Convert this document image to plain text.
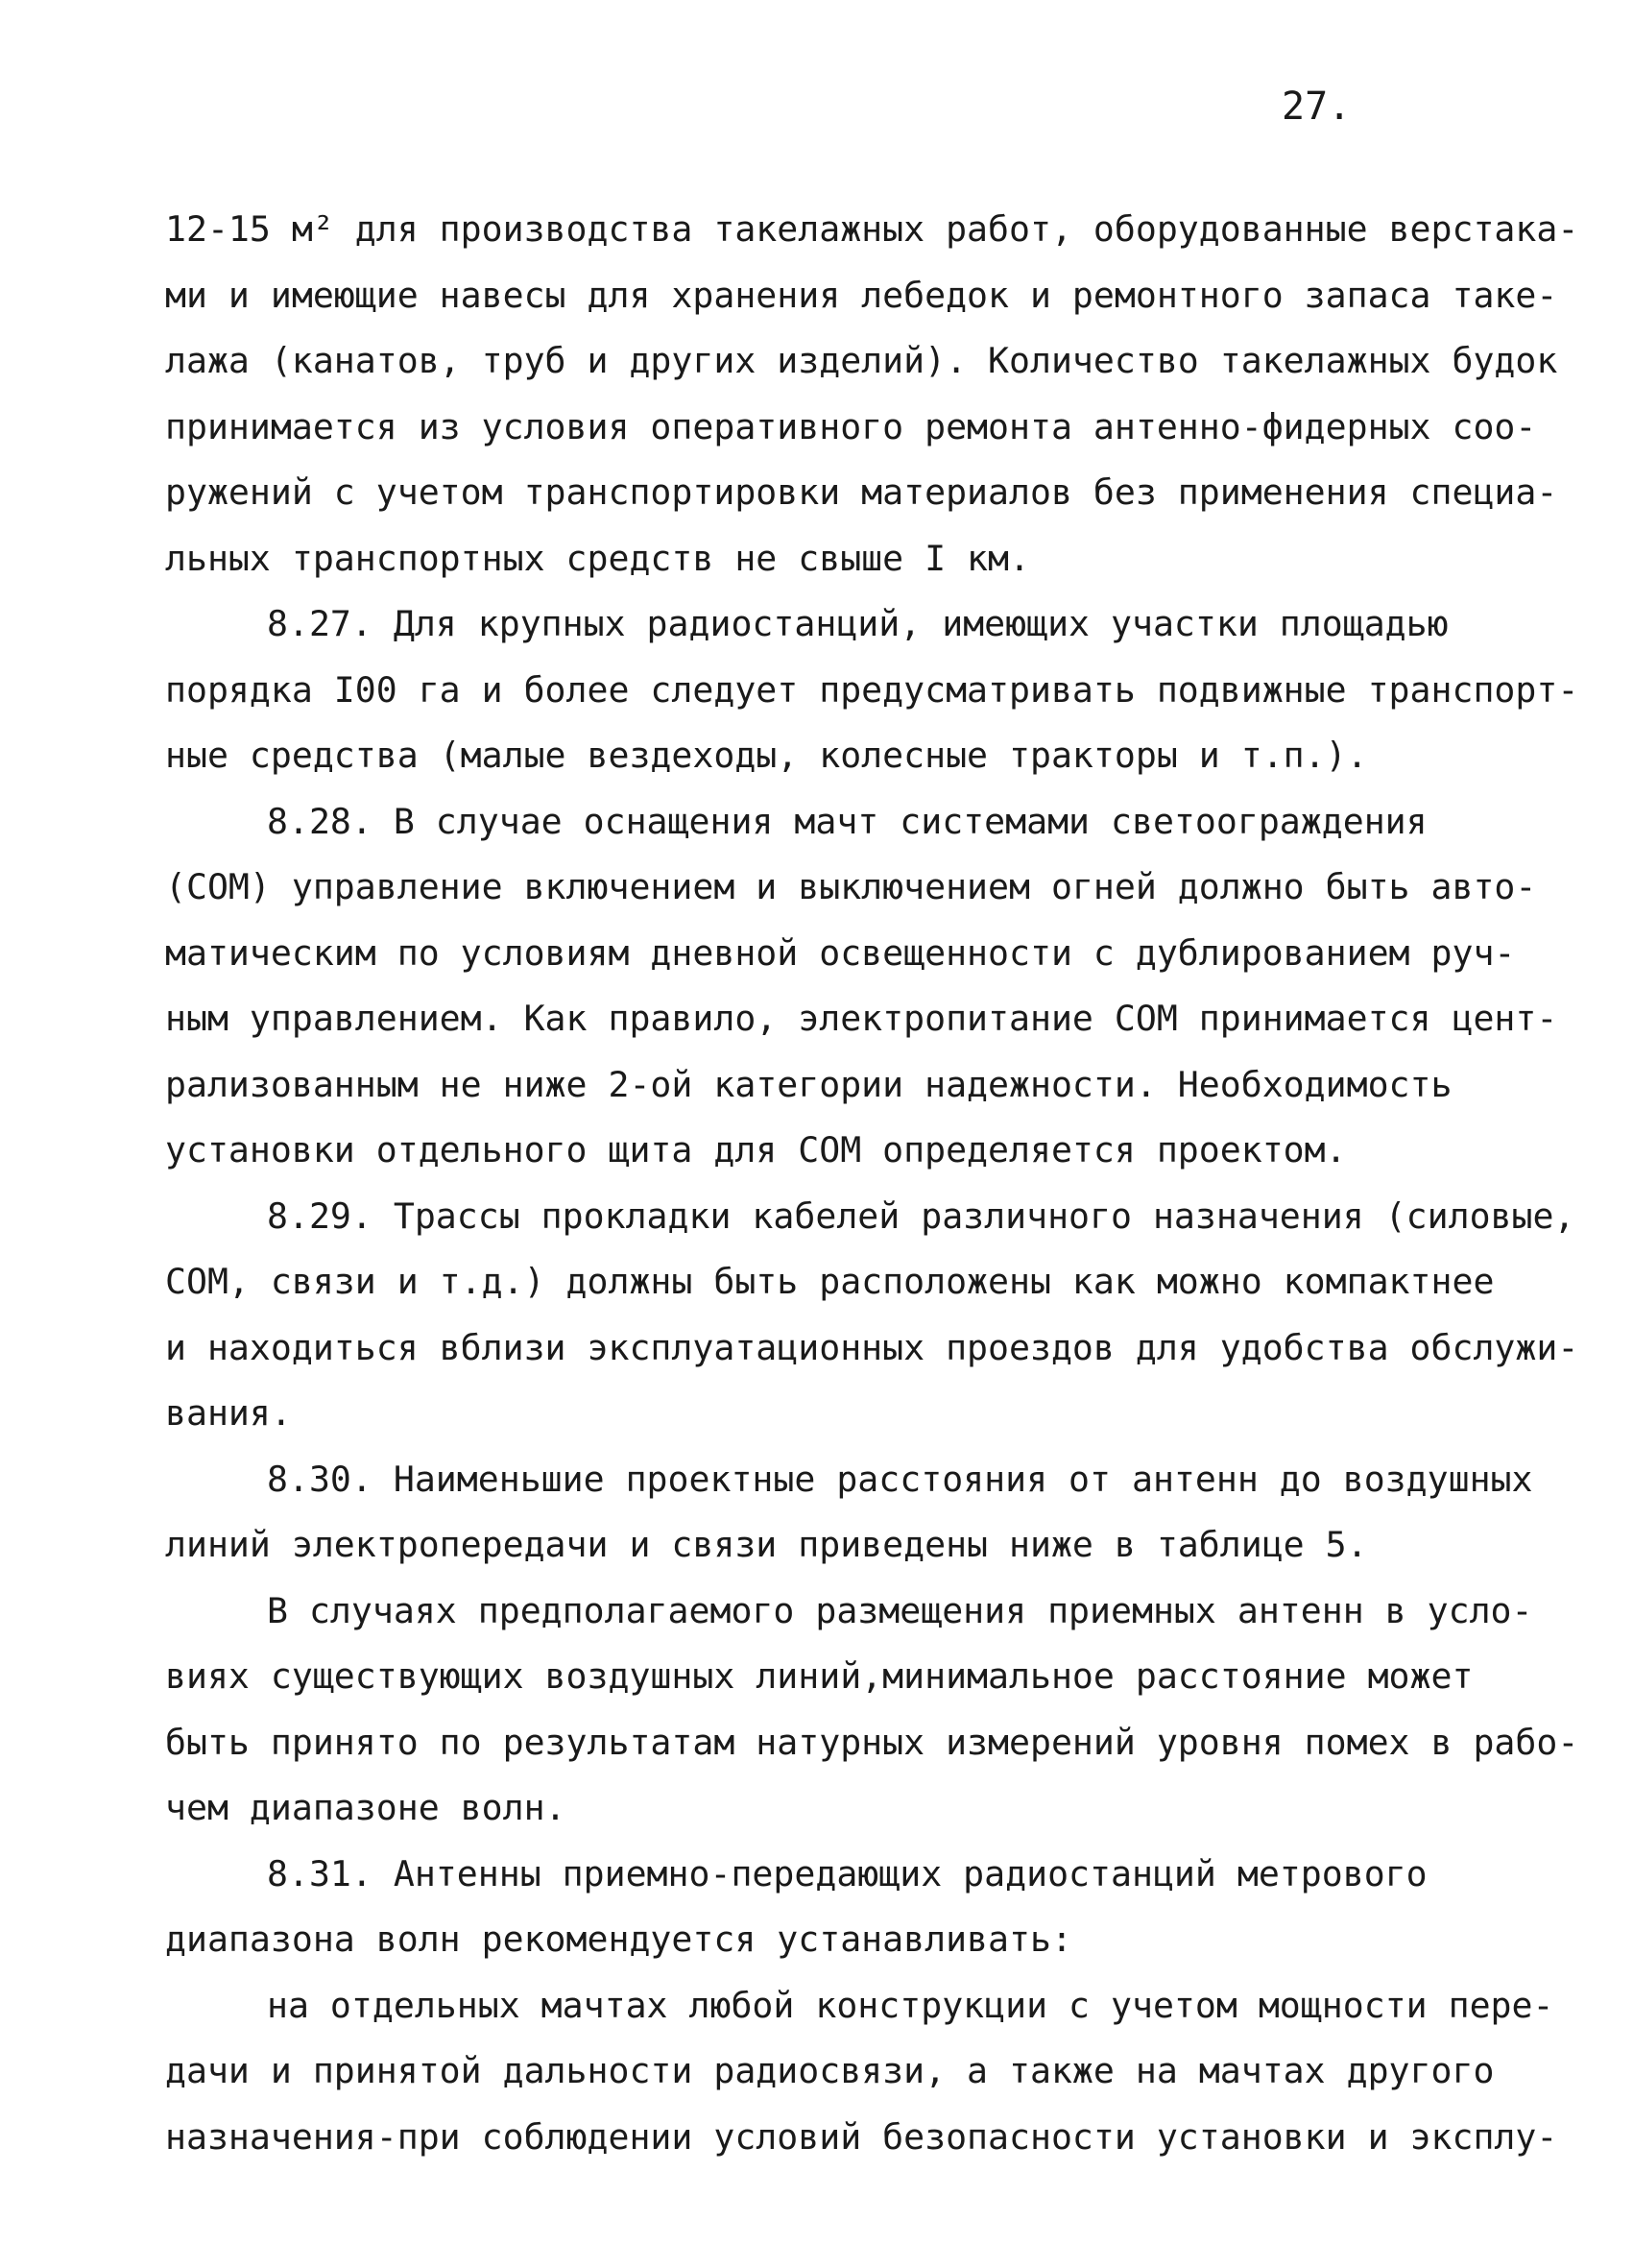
27.
12-15 м² для производства такелажных работ, оборудованные верстака-
ми и имеющие навесы для хранения лебедок и ремонтного запаса таке-
лажа (канатов, труб и других изделий). Количество такелажных будок
принимается из условия оперативного ремонта антенно-фидерных соо-
ружений с учетом транспортировки материалов без применения специа-
льных транспортных средств не свыше I км.
8.27. Для крупных радиостанций, имеющих участки площадью
порядка I00 га и более следует предусматривать подвижные транспорт-
ные средства (малые вездеходы, колесные тракторы и т.п.).
8.28. В случае оснащения мачт системами светоограждения
(СОМ) управление включением и выключением огней должно быть авто-
матическим по условиям дневной освещенности с дублированием руч-
ным управлением. Как правило, электропитание СОМ принимается цент-
рализованным не ниже 2-ой категории надежности. Необходимость
установки отдельного щита для СОМ определяется проектом.
8.29. Трассы прокладки кабелей различного назначения (силовые,
СОМ, связи и т.д.) должны быть расположены как можно компактнее
и находиться вблизи эксплуатационных проездов для удобства обслужи-
вания.
8.30. Наименьшие проектные расстояния от антенн до воздушных
линий электропередачи и связи приведены ниже в таблице 5.
В случаях предполагаемого размещения приемных антенн в усло-
виях существующих воздушных линий,минимальное расстояние может
быть принято по результатам натурных измерений уровня помех в рабо-
чем диапазоне волн.
8.31. Антенны приемно-передающих радиостанций метрового
диапазона волн рекомендуется устанавливать:
на отдельных мачтах любой конструкции с учетом мощности пере-
дачи и принятой дальности радиосвязи, а также на мачтах другого
назначения-при соблюдении условий безопасности установки и эксплу-
